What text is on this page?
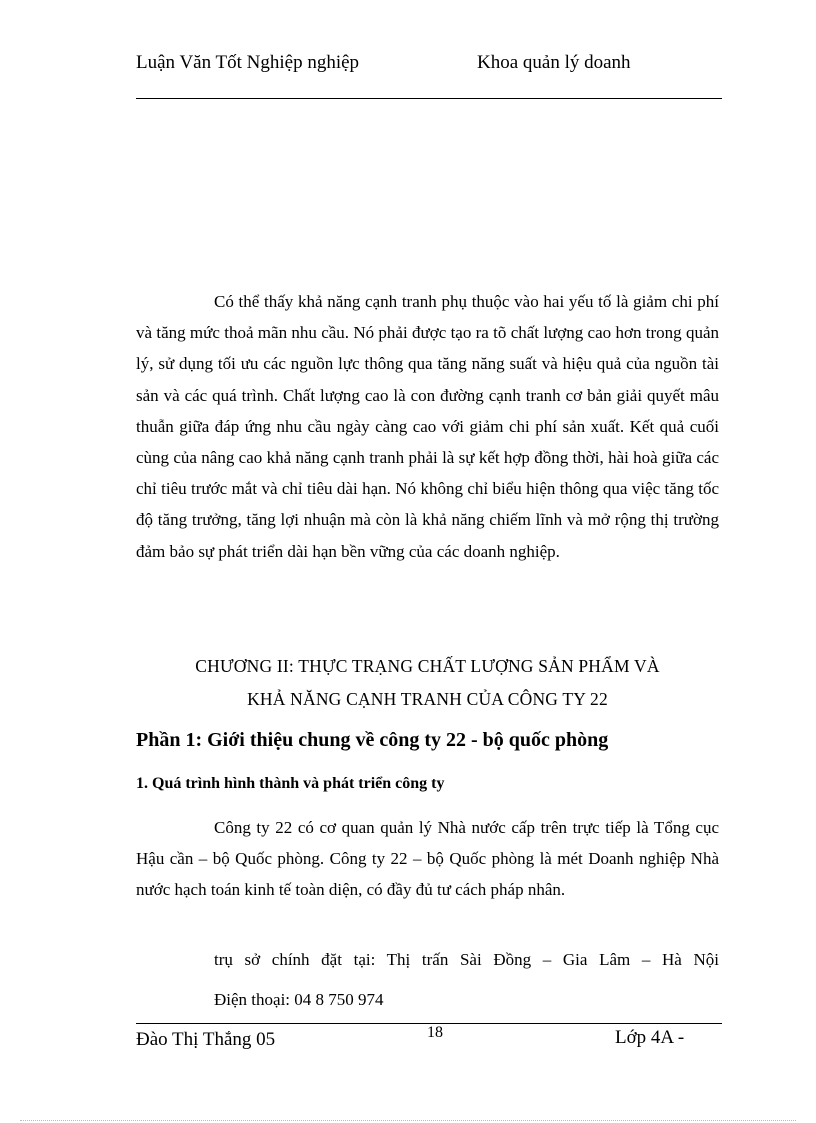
Luận Văn Tốt Nghiệp nghiệp	Khoa quản lý doanh

Có thể thấy khả năng cạnh tranh phụ thuộc vào hai yếu tố là giảm chi phí và tăng mức thoả mãn nhu cầu. Nó phải được tạo ra tõ chất lượng cao hơn trong quản lý, sử dụng tối ưu các nguồn lực thông qua tăng năng suất và hiệu quả của nguồn tài sản và các quá trình. Chất lượng cao là con đường cạnh tranh cơ bản giải quyết mâu thuẫn giữa đáp ứng nhu cầu ngày càng cao với giảm chi phí sản xuất. Kết quả cuối cùng của nâng cao khả năng cạnh tranh phải là sự kết hợp đồng thời, hài hoà giữa các chỉ tiêu trước mắt và chỉ tiêu dài hạn. Nó không chỉ biểu hiện thông qua việc tăng tốc độ tăng trưởng, tăng lợi nhuận mà còn là khả năng chiếm lĩnh và mở rộng thị trường đảm bảo sự phát triển dài hạn bền vững của các doanh nghiệp.

CHƯƠNG II: THỰC TRẠNG CHẤT LƯỢNG SẢN PHẨM VÀ
KHẢ NĂNG CẠNH TRANH CỦA CÔNG TY 22
Phần 1: Giới thiệu chung về công ty 22 - bộ quốc phòng
1. Quá trình hình thành và phát triển công ty

Công ty 22 có cơ quan quản lý Nhà nước cấp trên trực tiếp là Tổng cục Hậu cần – bộ Quốc phòng. Công ty 22 – bộ Quốc phòng là mét Doanh nghiệp Nhà nước hạch toán kinh tế toàn diện, có đầy đủ tư cách pháp nhân.

trụ sở chính đặt tại: Thị trấn Sài Đồng – Gia Lâm – Hà Nội
Điện thoại: 04 8 750 974
Đào Thị Thắng 05	18	Lớp 4A -
